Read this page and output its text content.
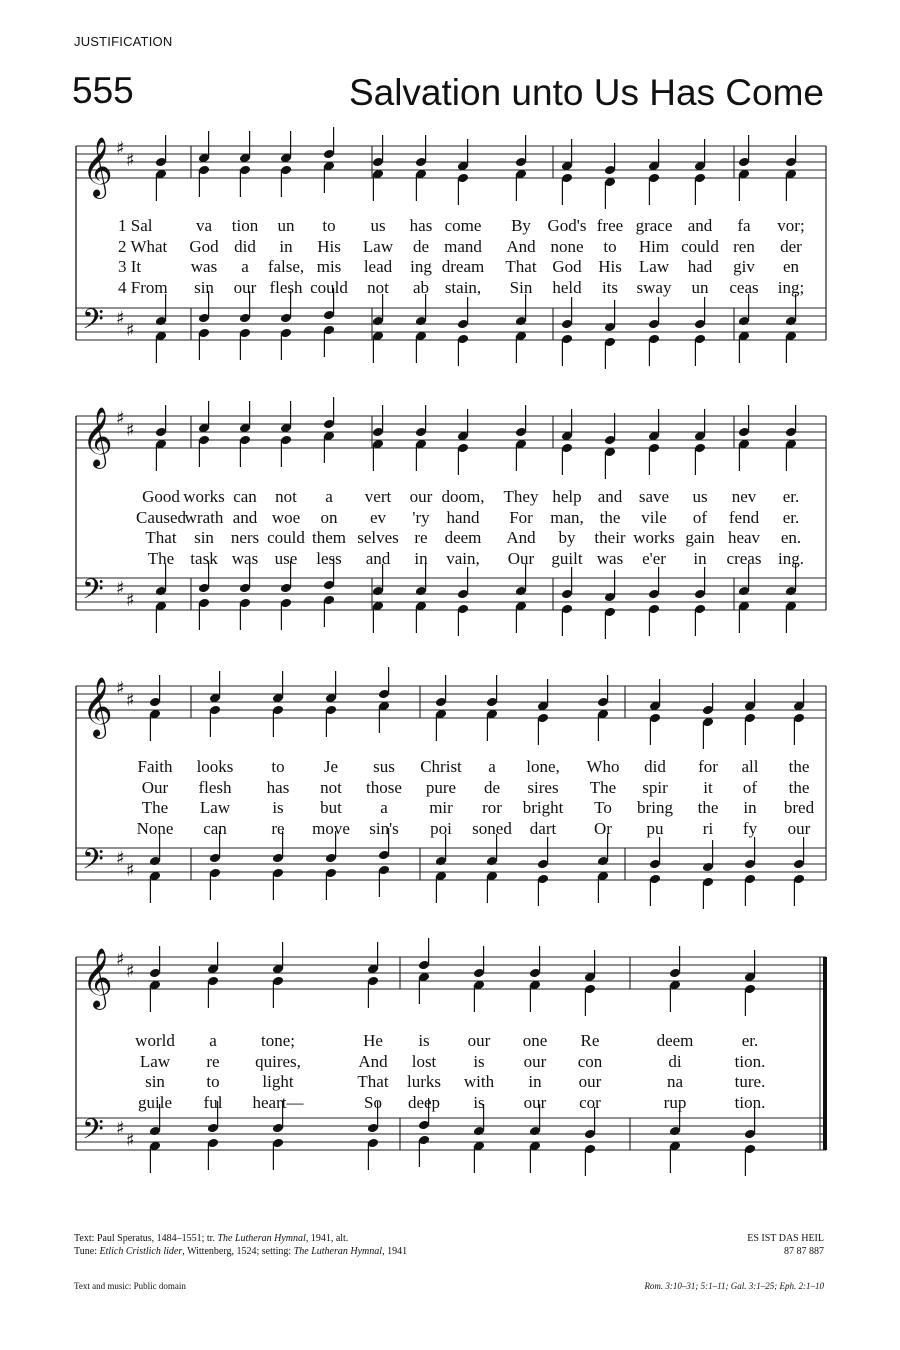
JUSTIFICATION
555	Salvation unto Us Has Come
𝄞
𝄢
♯
♯
♯
♯
𝄞
𝄢
♯
♯
♯
♯
𝄞
𝄢
♯
♯
♯
♯
𝄞
𝄢
♯
♯
♯
♯
1 Sal	va tion un to us has come By God's free grace and fa vor;
2 What God did in His Law de mand And none to Him could ren der
3 It	was a false, mis lead ing dream That God His Law had giv en
4 From sin our flesh could not ab stain, Sin held its sway un ceas ing;
Good works can not a vert our doom, They help and save us nev er.
Caused
wrath and woe on ev 'ry hand For man, the vile of fend er.
That sin ners could them selves re deem And by their works gain heav en.
The task was use less and in vain, Our guilt was e'er in creas ing.
Faith looks to Je sus Christ a lone, Who did for all the
Our flesh has not those pure de sires The spir it of the
The Law is but a mir ror bright To bring the in bred
None can	re move sin's poi soned dart Or pu ri fy our
world a	tone;	He is our one Re	deem	er.
Law re quires,	And lost is our con	di	tion.
sin to	light	That lurks with in our	na	ture.
guile ful heart—	So deep is our cor	rup	tion.
Text: Paul Speratus, 1484–1551; tr. The Lutheran Hymnal, 1941, alt.
Tune: Etlich Cristlich lider, Wittenberg, 1524; setting: The Lutheran Hymnal, 1941
ES IST DAS HEIL
87 87 887
Text and music: Public domain	Rom. 3:10–31; 5:1–11; Gal. 3:1–25; Eph. 2:1–10
